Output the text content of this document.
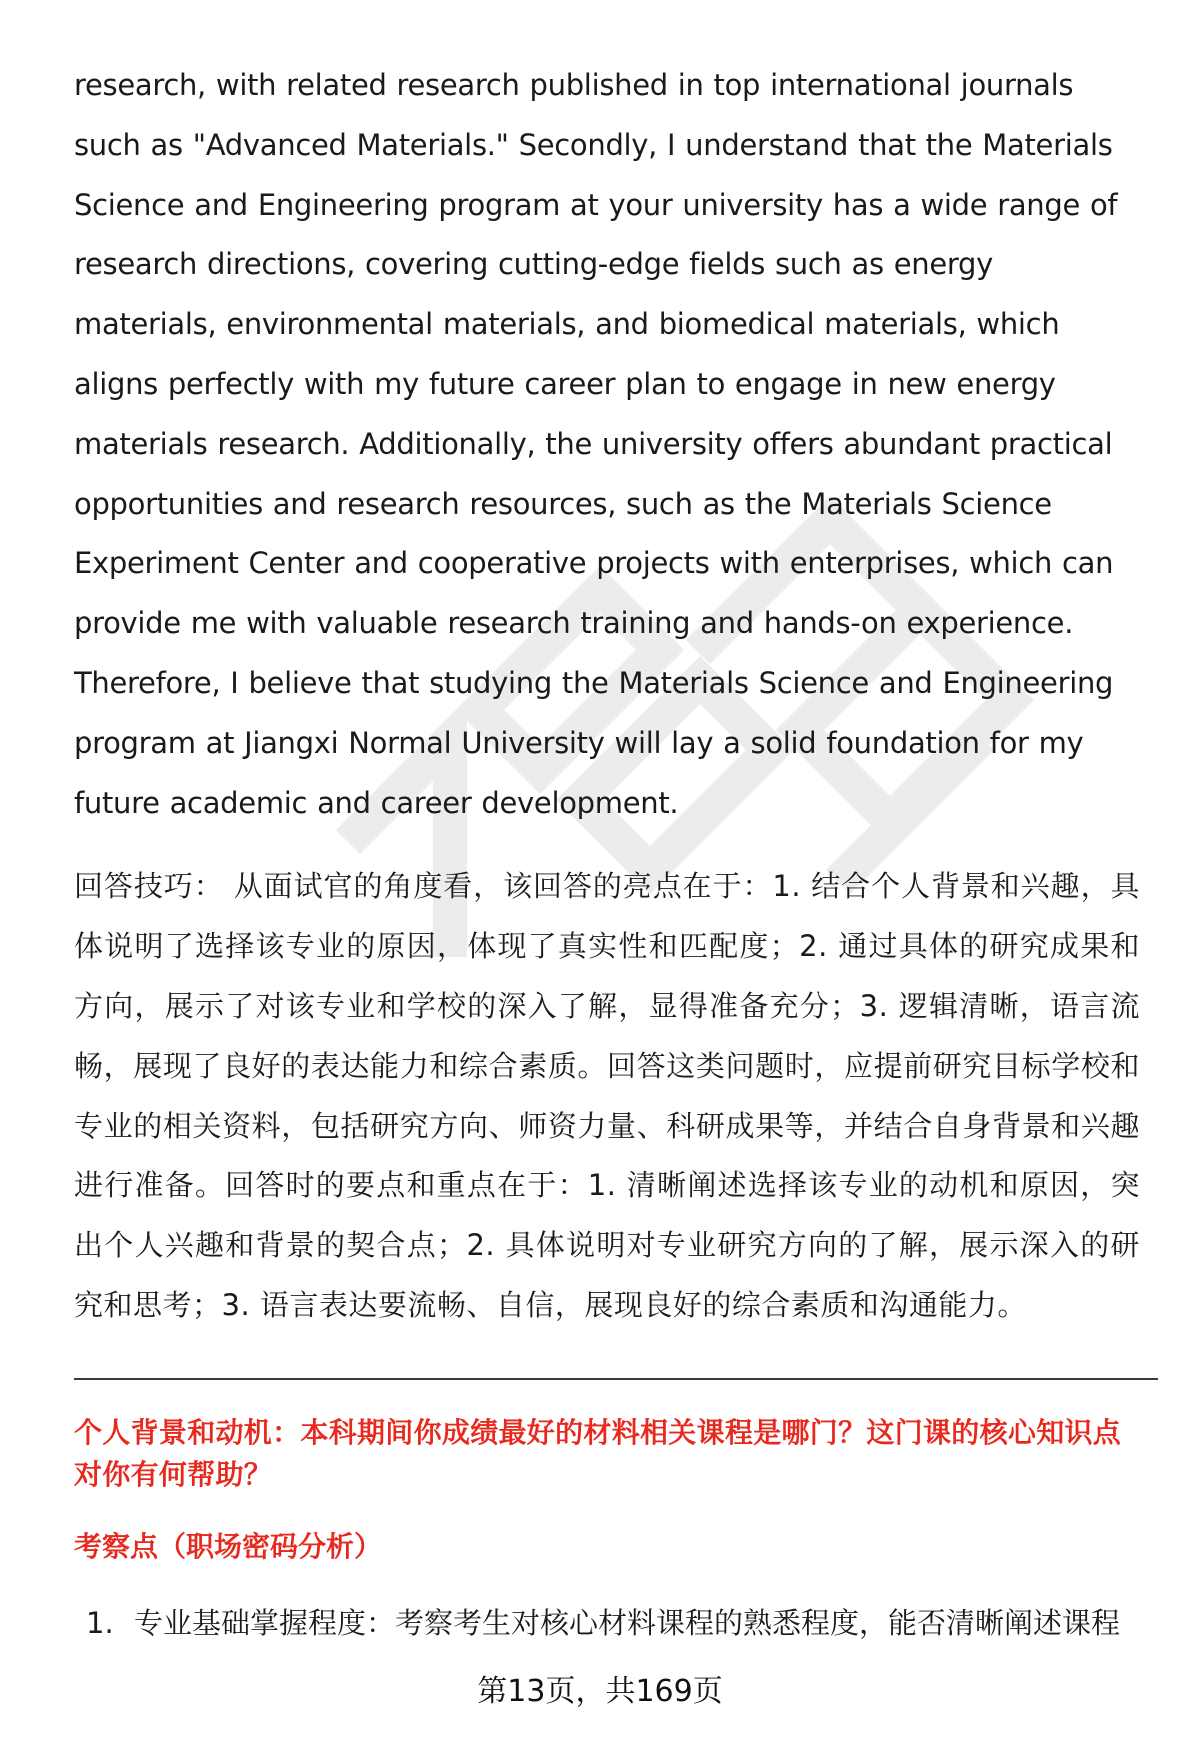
research, with related research published in top international journals such as "Advanced Materials." Secondly, I understand that the Materials Science and Engineering program at your university has a wide range of research directions, covering cutting-edge fields such as energy materials, environmental materials, and biomedical materials, which aligns perfectly with my future career plan to engage in new energy materials research. Additionally, the university offers abundant practical opportunities and research resources, such as the Materials Science Experiment Center and cooperative projects with enterprises, which can provide me with valuable research training and hands-on experience. Therefore, I believe that studying the Materials Science and Engineering program at Jiangxi Normal University will lay a solid foundation for my future academic and career development.

回答技巧： 从面试官的角度看，该回答的亮点在于：1. 结合个人背景和兴趣，具体说明了选择该专业的原因，体现了真实性和匹配度；2. 通过具体的研究成果和方向，展示了对该专业和学校的深入了解，显得准备充分；3. 逻辑清晰，语言流畅，展现了良好的表达能力和综合素质。回答这类问题时，应提前研究目标学校和专业的相关资料，包括研究方向、师资力量、科研成果等，并结合自身背景和兴趣进行准备。回答时的要点和重点在于：1. 清晰阐述选择该专业的动机和原因，突出个人兴趣和背景的契合点；2. 具体说明对专业研究方向的了解，展示深入的研究和思考；3. 语言表达要流畅、自信，展现良好的综合素质和沟通能力。

个人背景和动机：本科期间你成绩最好的材料相关课程是哪门？这门课的核心知识点对你有何帮助？
考察点（职场密码分析）
1. 专业基础掌握程度：考察考生对核心材料课程的熟悉程度，能否清晰阐述课程
第13页，共169页
